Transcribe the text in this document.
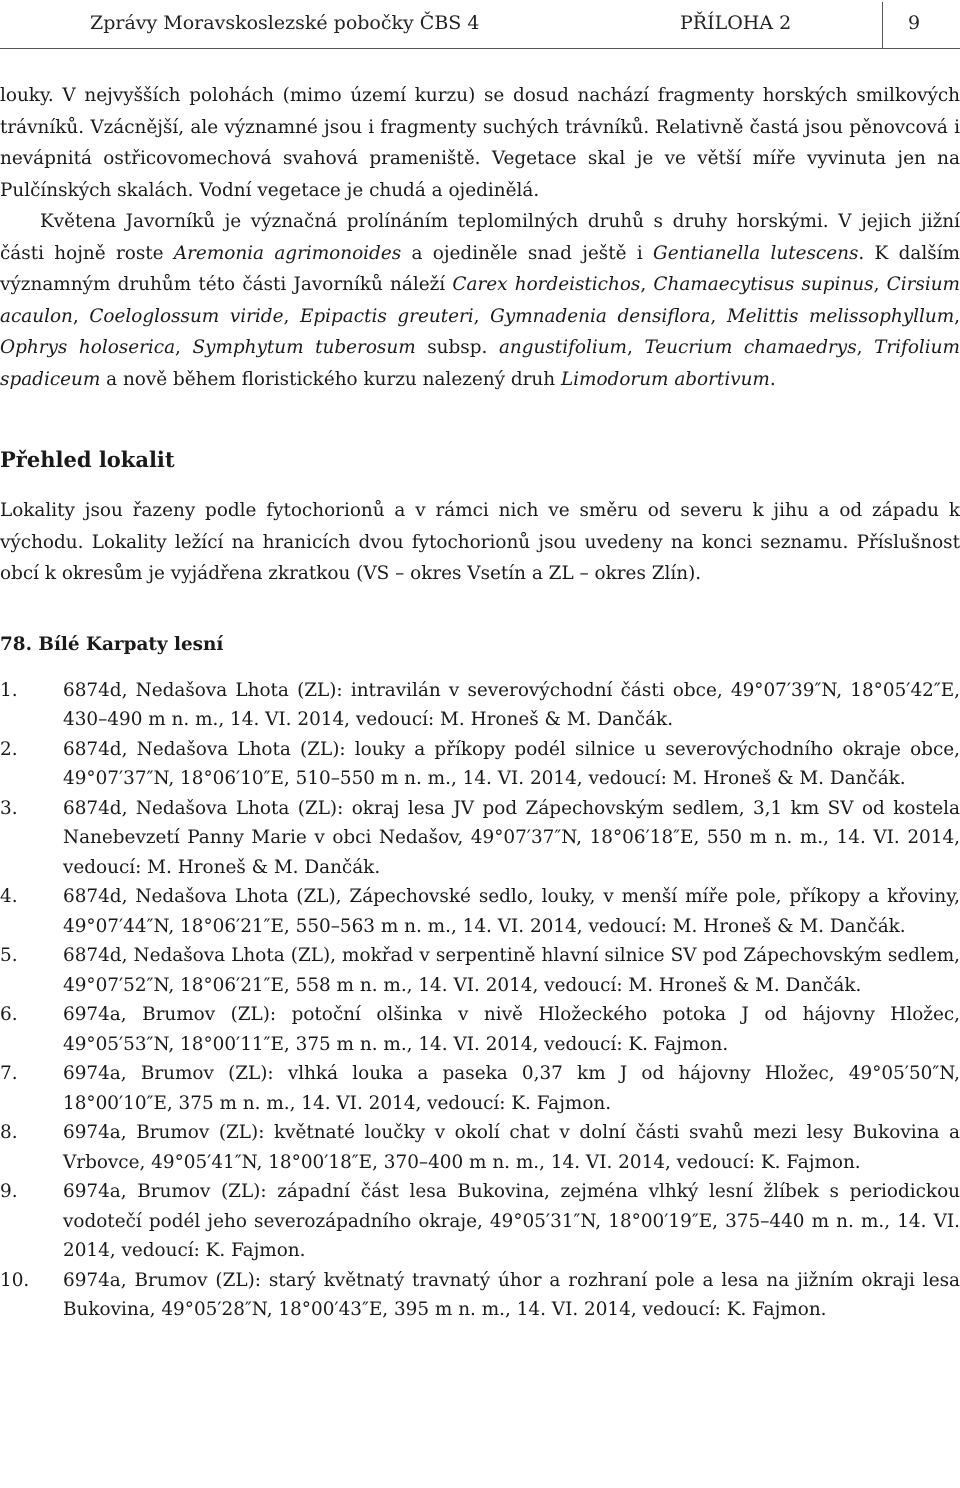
Zprávy Moravskoslezské pobočky ČBS 4	PŘÍLOHA 2	9

louky. V nejvyšších polohách (mimo území kurzu) se dosud nachází fragmenty horských smilkových trávníků. Vzácnější, ale významné jsou i fragmenty suchých trávníků. Relativně častá jsou pěnovcová i nevápnitá ostřicovomechová svahová prameniště. Vegetace skal je ve větší míře vyvinuta jen na Pulčínských skalách. Vodní vegetace je chudá a ojedinělá.

Květena Javorníků je význačná prolínáním teplomilných druhů s druhy horskými. V jejich jižní části hojně roste Aremonia agrimonoides a ojediněle snad ještě i Gentianella lutescens. K dalším významným druhům této části Javorníků náleží Carex hordeistichos, Chamaecytisus supinus, Cirsium acaulon, Coeloglossum viride, Epipactis greuteri, Gymnadenia densiflora, Melittis melissophyllum, Ophrys holoserica, Symphytum tuberosum subsp. angustifolium, Teucrium chamaedrys, Trifolium spadiceum a nově během floristického kurzu nalezený druh Limodorum abortivum.

Přehled lokalit

Lokality jsou řazeny podle fytochorionů a v rámci nich ve směru od severu k jihu a od západu k východu. Lokality ležící na hranicích dvou fytochorionů jsou uvedeny na konci seznamu. Příslušnost obcí k okresům je vyjádřena zkratkou (VS – okres Vsetín a ZL – okres Zlín).

78. Bílé Karpaty lesní
1. 6874d, Nedašova Lhota (ZL): intravilán v severovýchodní části obce, 49°07′39″N, 18°05′42″E, 430–490 m n. m., 14. VI. 2014, vedoucí: M. Hroneš & M. Dančák.
2. 6874d, Nedašova Lhota (ZL): louky a příkopy podél silnice u severovýchodního okraje obce, 49°07′37″N, 18°06′10″E, 510–550 m n. m., 14. VI. 2014, vedoucí: M. Hroneš & M. Dančák.
3. 6874d, Nedašova Lhota (ZL): okraj lesa JV pod Zápechovským sedlem, 3,1 km SV od kostela Nanebevzetí Panny Marie v obci Nedašov, 49°07′37″N, 18°06′18″E, 550 m n. m., 14. VI. 2014, vedoucí: M. Hroneš & M. Dančák.
4. 6874d, Nedašova Lhota (ZL), Zápechovské sedlo, louky, v menší míře pole, příkopy a křoviny, 49°07′44″N, 18°06′21″E, 550–563 m n. m., 14. VI. 2014, vedoucí: M. Hroneš & M. Dančák.
5. 6874d, Nedašova Lhota (ZL), mokřad v serpentině hlavní silnice SV pod Zápechovským sedlem, 49°07′52″N, 18°06′21″E, 558 m n. m., 14. VI. 2014, vedoucí: M. Hroneš & M. Dančák.
6. 6974a, Brumov (ZL): potoční olšinka v nivě Hložeckého potoka J od hájovny Hložec, 49°05′53″N, 18°00′11″E, 375 m n. m., 14. VI. 2014, vedoucí: K. Fajmon.
7. 6974a, Brumov (ZL): vlhká louka a paseka 0,37 km J od hájovny Hložec, 49°05′50″N, 18°00′10″E, 375 m n. m., 14. VI. 2014, vedoucí: K. Fajmon.
8. 6974a, Brumov (ZL): květnaté loučky v okolí chat v dolní části svahů mezi lesy Bukovina a Vrbovce, 49°05′41″N, 18°00′18″E, 370–400 m n. m., 14. VI. 2014, vedoucí: K. Fajmon.
9. 6974a, Brumov (ZL): západní část lesa Bukovina, zejména vlhký lesní žlíbek s periodickou vodotečí podél jeho severozápadního okraje, 49°05′31″N, 18°00′19″E, 375–440 m n. m., 14. VI. 2014, vedoucí: K. Fajmon.
10. 6974a, Brumov (ZL): starý květnatý travnatý úhor a rozhraní pole a lesa na jižním okraji lesa Bukovina, 49°05′28″N, 18°00′43″E, 395 m n. m., 14. VI. 2014, vedoucí: K. Fajmon.
